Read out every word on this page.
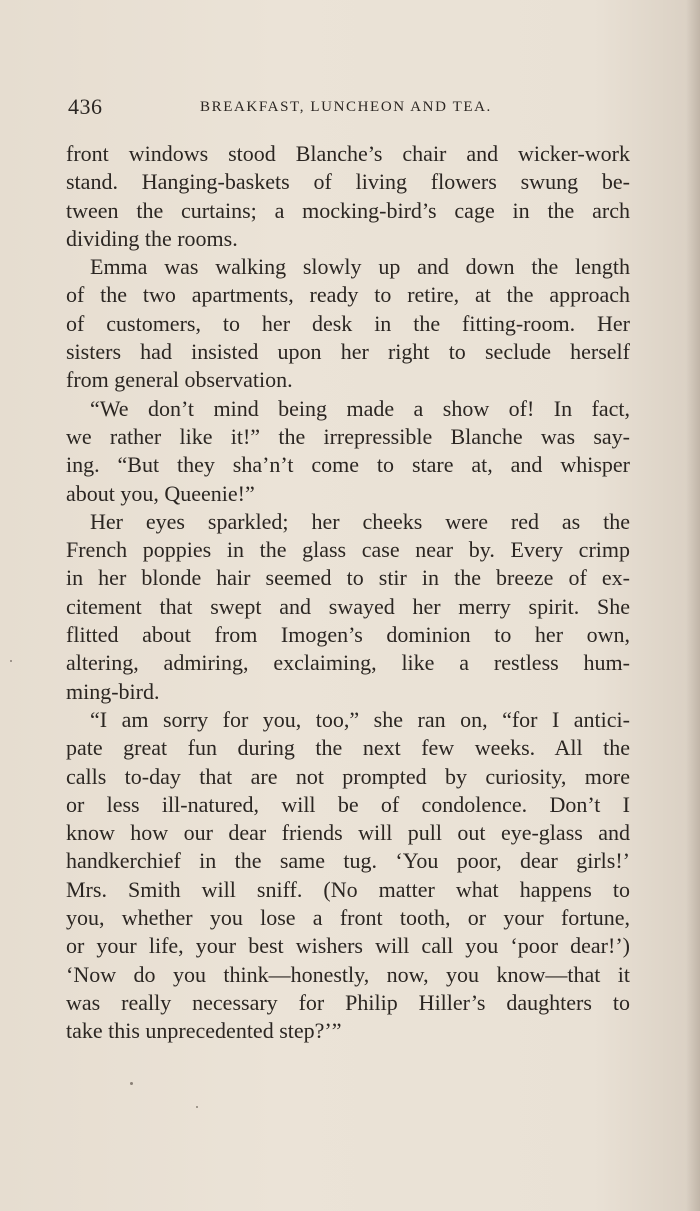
436	BREAKFAST, LUNCHEON AND TEA.
front windows stood Blanche’s chair and wicker-work
stand. Hanging-baskets of living flowers swung be-
tween the curtains; a mocking-bird’s cage in the arch
dividing the rooms.
Emma was walking slowly up and down the length
of the two apartments, ready to retire, at the approach
of customers, to her desk in the fitting-room. Her
sisters had insisted upon her right to seclude herself
from general observation.
“We don’t mind being made a show of! In fact,
we rather like it!” the irrepressible Blanche was say-
ing. “But they sha’n’t come to stare at, and whisper
about you, Queenie!”
Her eyes sparkled; her cheeks were red as the
French poppies in the glass case near by. Every crimp
in her blonde hair seemed to stir in the breeze of ex-
citement that swept and swayed her merry spirit. She
flitted about from Imogen’s dominion to her own,
altering, admiring, exclaiming, like a restless hum-
ming-bird.
“I am sorry for you, too,” she ran on, “for I antici-
pate great fun during the next few weeks. All the
calls to-day that are not prompted by curiosity, more
or less ill-natured, will be of condolence. Don’t I
know how our dear friends will pull out eye-glass and
handkerchief in the same tug. ‘You poor, dear girls!’
Mrs. Smith will sniff. (No matter what happens to
you, whether you lose a front tooth, or your fortune,
or your life, your best wishers will call you ‘poor dear!’)
‘Now do you think—honestly, now, you know—that it
was really necessary for Philip Hiller’s daughters to
take this unprecedented step?’”
